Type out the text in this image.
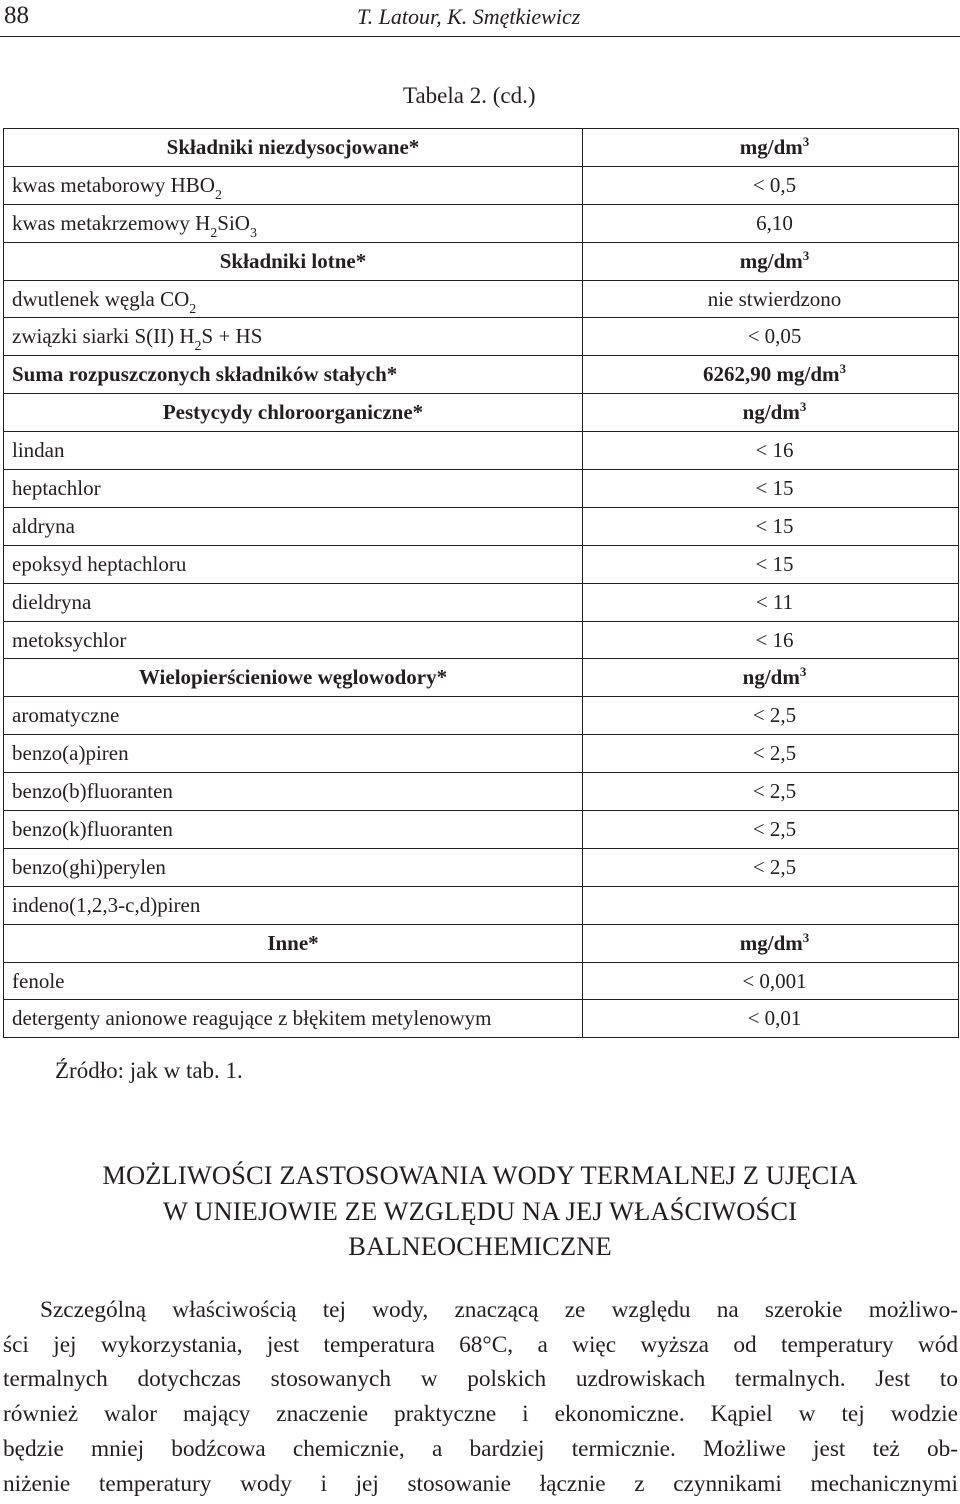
88	T. Latour, K. Smętkiewicz
Tabela 2. (cd.)
Składniki niezdysocjowane*	$mg/dm^3$
kwas metaborowy $HBO_2$	< 0,5
kwas metakrzemowy $H_2SiO_3$	6,10
Składniki lotne*	$mg/dm^3$
dwutlenek węgla $CO_2$	nie stwierdzono
związki siarki S(II) $H_2S$ + HS	< 0,05
Suma rozpuszczonych składników stałych*	6262,90 $mg/dm^3$
Pestycydy chloroorganiczne*	$ng/dm^3$
lindan	< 16
heptachlor	< 15
aldryna	< 15
epoksyd heptachloru	< 15
dieldryna	< 11
metoksychlor	< 16
Wielopierścieniowe węglowodory*	$ng/dm^3$
aromatyczne	< 2,5
benzo(a)piren	< 2,5
benzo(b)fluoranten	< 2,5
benzo(k)fluoranten	< 2,5
benzo(ghi)perylen	< 2,5
indeno(1,2,3-c,d)piren	
Inne*	$mg/dm^3$
fenole	< 0,001
detergenty anionowe reagujące z błękitem metylenowym	< 0,01
Źródło: jak w tab. 1.
MOŻLIWOŚCI ZASTOSOWANIA WODY TERMALNEJ Z UJĘCIA
W UNIEJOWIE ZE WZGLĘDU NA JEJ WŁAŚCIWOŚCI
BALNEOCHEMICZNE
Szczególną właściwością tej wody, znaczącą ze względu na szerokie możliwo-
ści jej wykorzystania, jest temperatura 68°C, a więc wyższa od temperatury wód
termalnych dotychczas stosowanych w polskich uzdrowiskach termalnych. Jest to
również walor mający znaczenie praktyczne i ekonomiczne. Kąpiel w tej wodzie
będzie mniej bodźcowa chemicznie, a bardziej termicznie. Możliwe jest też ob-
niżenie temperatury wody i jej stosowanie łącznie z czynnikami mechanicznymi
